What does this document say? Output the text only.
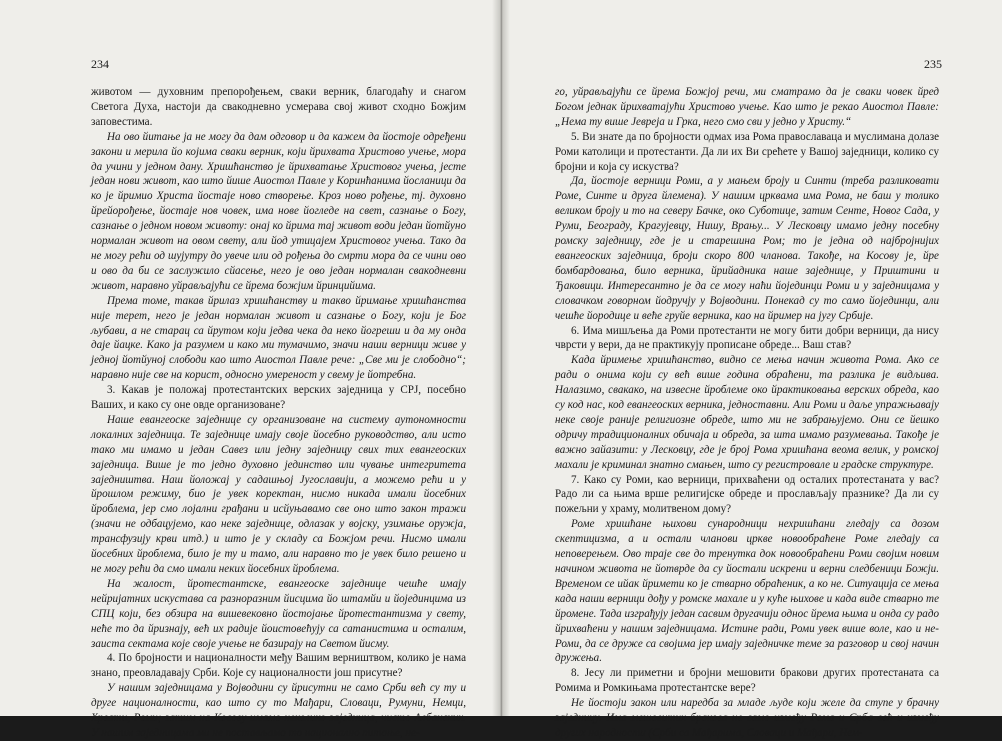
234

животом — духовним препорођењем, сваки верник, благодаћу и снагом Светога Духа, настоји да свакодневно усмерава свој живот сходно Божјим заповестима.

На ово йитање ја не могу да дам одговор и да кажем да йостоје одређени закони и мерила йо којима сваки верник, који йрихвата Христово учење, мора да учини у једном дану. Хришћанство је йрихватање Христовог учења, јесте један нови живот, као што йише Аиостол Павле у Коринћанима йосланици да ко је йримио Христа йостаје ново створење. Кроз ново рођење, тј. духовно йрейорођење, йостаје нов човек, има нове йогледе на свет, сазнање о Богу, сазнање о једном новом животу: онај ко йрима тај живот води један йотйуно нормалан живот на овом свету, али йод утицајем Христовог учења. Тако да не могу рећи од шујутру до увече или од рођења до смрти мора да се чини ово и ово да би се заслужило сйасење, него је ово један нормалан свакодневни живот, наравно уйрављајући се йрема божјим йринцийима.

Према томе, такав йрилаз хришћанству и такво йримање хришћанства није терет, него је један нормалан живот и сазнање о Богу, који је Бог љубави, а не старац са йрутом који једва чека да неко йогреши и да му онда даје йацке. Како ја разумем и како ми тумачимо, значи наши верници живе у једној йотйуној слободи као што Аиостол Павле рече: „Све ми је слободно“; наравно није све на корист, односно умереност у свему је йотребна.

3. Какав је положај протестантских верских заједница у СРЈ, посебно Ваших, и како су оне овде организоване?

Наше евангеоске заједнице су организоване на систему аутономности локалних заједница. Те заједнице имају своје йосебно руководство, али исто тако ми имамо и један Савез или једну заједницу свих тих евангеоских заједница. Више је то једно духовно јединство или чување интегритета заједништва. Наш йоложај у садашњој Југославији, а можемо рећи и у йрошлом режиму, био је увек коректан, нисмо никада имали йосебних йроблема, јер смо лојални грађани и исйуњавамо све оно што закон тражи (значи не одбацујемо, као неке заједнице, одлазак у војску, узимање оружја, трансфузију крви итд.) и што је у складу са Божјом речи. Нисмо имали йосебних йроблема, било је ту и тамо, али наравно то је увек било решено и не могу рећи да смо имали неких йосебних йроблема.

На жалост, йротестантске, евангеоске заједнице чешће имају нейријатних искустава са разноразним йисцима йо штамйи и йојединцима из СПЦ који, без обзира на вишевековно йостојање йротестантизма у свету, неће то да йризнају, већ их радије йоистовећују са сатанистима и осталим, заиста сектама које своје учење не базирају на Светом йисму.

4. По бројности и националности међу Вашим верништвом, колико је нама знано, преовладавају Срби. Које су националности још присутне?

У нашим заједницама у Војводини су йрисутни не само Срби већ су ту и друге националности, као што су то Мађари, Словаци, Румуни, Немци, Хрвати, Роми; затим на Косову имамо неколико заједница, чисто Албанских. У нашим заједницама ми не постављамо то национално питање, не-

235

го, уйрављајући се йрема Божјој речи, ми сматрамо да је сваки човек йред Богом једнак йрихватајући Христово учење. Као што је рекао Аиостол Павле: „Нема ту више Јевреја и Грка, него смо сви у једно у Христу.“

5. Ви знате да по бројности одмах иза Рома православаца и муслимана долазе Роми католици и протестанти. Да ли их Ви срећете у Вашој заједници, колико су бројни и која су искуства?

Да, йостоје верници Роми, а у мањем броју и Синти (треба разликовати Роме, Синте и друга йлемена). У нашим црквама има Рома, не баш у толико великом броју и то на северу Бачке, око Суботице, затим Сенте, Новог Сада, у Руми, Београду, Крагујевцу, Нишу, Врању... У Лесковцу имамо једну посебну ромску заједницу, где је и старешина Ром; то је једна од најбројнијих евангеоских заједница, броји скоро 800 чланова. Такође, на Косову је, йре бомбардовања, било верника, йрийадника наше заједнице, у Приштини и Ђаковици. Интересантно је да се могу наћи йојединци Роми и у заједницама у словачком говорном йодручју у Војводини. Понекад су то само йојединци, али чешће йородице и веће груйе верника, као на йример на југу Србије.

6. Има мишљења да Роми протестанти не могу бити добри верници, да нису чврсти у вери, да не практикују прописане обреде... Ваш став?

Када йримење хришћанство, видно се мења начин живота Рома. Ако се ради о онима који су већ више година обраћени, та разлика је видљива. Налазимо, свакако, на извесне йроблеме око йрактиковања верских обреда, као су код нас, код евангеоских верника, једноставни. Али Роми и даље упражњавају неке своје раније религиозне обреде, што ми не забрањујемо. Они се йешко одричу традиционалних обичаја и обреда, за шта имамо разумевања. Такође је важно зайазити: у Лесковцу, где је број Рома хришћана веома велик, у ромској махали је криминал знатно смањен, што су регистровале и градске структуре.

7. Како су Роми, као верници, прихваћени од осталих протестаната у вас? Радо ли са њима врше религијске обреде и прослављају празнике? Да ли су пожељни у храму, молитвеном дому?

Роме хришћане њихови сународници нехришћани гледају са дозом скептицизма, а и остали чланови цркве новообраћене Роме гледају са неповерењем. Ово траје све до тренутка док новообраћени Роми својим новим начином живота не йотврде да су йостали искрени и верни следбеници Божји. Временом се ийак йримети ко је стварно обраћеник, а ко не. Ситуација се мења када наши верници дођу у ромске махале и у куће њихове и када виде стварно те йромене. Тада изграђују један сасвим другачији однос йрема њима и онда су радо йрихваћени у нашим заједницама. Истине ради, Роми увек више воле, као и не-Роми, да се друже са својима јер имају заједничке теме за разговор и свој начин дружења.

8. Јесу ли приметни и бројни мешовити бракови других протестаната са Ромима и Ромкињама протестантске вере?

Не йостоји закон или наредба за младе људе који желе да ступе у брачну заједницу. Има мешовитих бракова не само између Рома и Срба већ и између других народности (Срби са Мађарима, Словаци и Мађари, Нем-
